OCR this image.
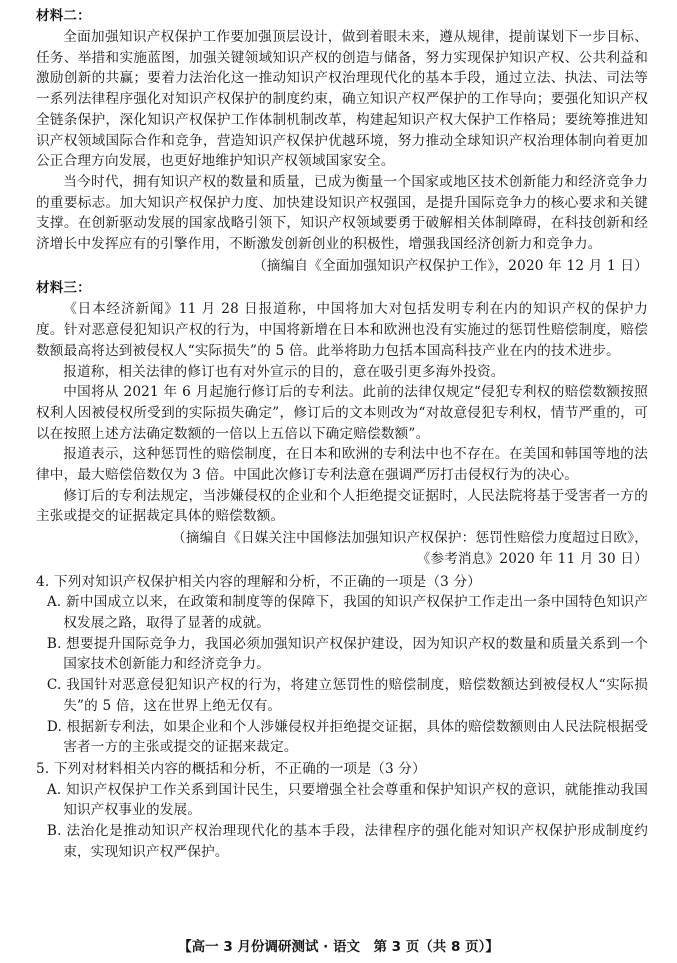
材料二：

全面加强知识产权保护工作要加强顶层设计，做到着眼未来，遵从规律，提前谋划下一步目标、任务、举措和实施蓝图，加强关键领域知识产权的创造与储备，努力实现保护知识产权、公共利益和激励创新的共赢；要着力法治化这一推动知识产权治理现代化的基本手段，通过立法、执法、司法等一系列法律程序强化对知识产权保护的制度约束，确立知识产权严保护的工作导向；要强化知识产权全链条保护，深化知识产权保护工作体制机制改革，构建起知识产权大保护工作格局；要统筹推进知识产权领域国际合作和竞争，营造知识产权保护优越环境，努力推动全球知识产权治理体制向着更加公正合理方向发展，也更好地维护知识产权领域国家安全。

当今时代，拥有知识产权的数量和质量，已成为衡量一个国家或地区技术创新能力和经济竞争力的重要标志。加大知识产权保护力度、加快建设知识产权强国，是提升国际竞争力的核心要求和关键支撑。在创新驱动发展的国家战略引领下，知识产权领域要勇于破解相关体制障碍，在科技创新和经济增长中发挥应有的引擎作用，不断激发创新创业的积极性，增强我国经济创新力和竞争力。

（摘编自《全面加强知识产权保护工作》，2020 年 12 月 1 日）

材料三：

《日本经济新闻》11 月 28 日报道称，中国将加大对包括发明专利在内的知识产权的保护力度。针对恶意侵犯知识产权的行为，中国将新增在日本和欧洲也没有实施过的惩罚性赔偿制度，赔偿数额最高将达到被侵权人“实际损失”的 5 倍。此举将助力包括本国高科技产业在内的技术进步。

报道称，相关法律的修订也有对外宣示的目的，意在吸引更多海外投资。

中国将从 2021 年 6 月起施行修订后的专利法。此前的法律仅规定“侵犯专利权的赔偿数额按照权利人因被侵权所受到的实际损失确定”，修订后的文本则改为“对故意侵犯专利权，情节严重的，可以在按照上述方法确定数额的一倍以上五倍以下确定赔偿数额”。

报道表示，这种惩罚性的赔偿制度，在日本和欧洲的专利法中也不存在。在美国和韩国等地的法律中，最大赔偿倍数仅为 3 倍。中国此次修订专利法意在强调严厉打击侵权行为的决心。

修订后的专利法规定，当涉嫌侵权的企业和个人拒绝提交证据时，人民法院将基于受害者一方的主张或提交的证据裁定具体的赔偿数额。

（摘编自《日媒关注中国修法加强知识产权保护：惩罚性赔偿力度超过日欧》，

《参考消息》2020 年 11 月 30 日）

4. 下列对知识产权保护相关内容的理解和分析，不正确的一项是（3 分）

A. 新中国成立以来，在政策和制度等的保障下，我国的知识产权保护工作走出一条中国特色知识产权发展之路，取得了显著的成就。

B. 想要提升国际竞争力，我国必须加强知识产权保护建设，因为知识产权的数量和质量关系到一个国家技术创新能力和经济竞争力。

C. 我国针对恶意侵犯知识产权的行为，将建立惩罚性的赔偿制度，赔偿数额达到被侵权人“实际损失”的 5 倍，这在世界上绝无仅有。

D. 根据新专利法，如果企业和个人涉嫌侵权并拒绝提交证据，具体的赔偿数额则由人民法院根据受害者一方的主张或提交的证据来裁定。

5. 下列对材料相关内容的概括和分析，不正确的一项是（3 分）

A. 知识产权保护工作关系到国计民生，只要增强全社会尊重和保护知识产权的意识，就能推动我国知识产权事业的发展。

B. 法治化是推动知识产权治理现代化的基本手段，法律程序的强化能对知识产权保护形成制度约束，实现知识产权严保护。

【高一 3 月份调研测试 · 语文　第 3 页（共 8 页）】
